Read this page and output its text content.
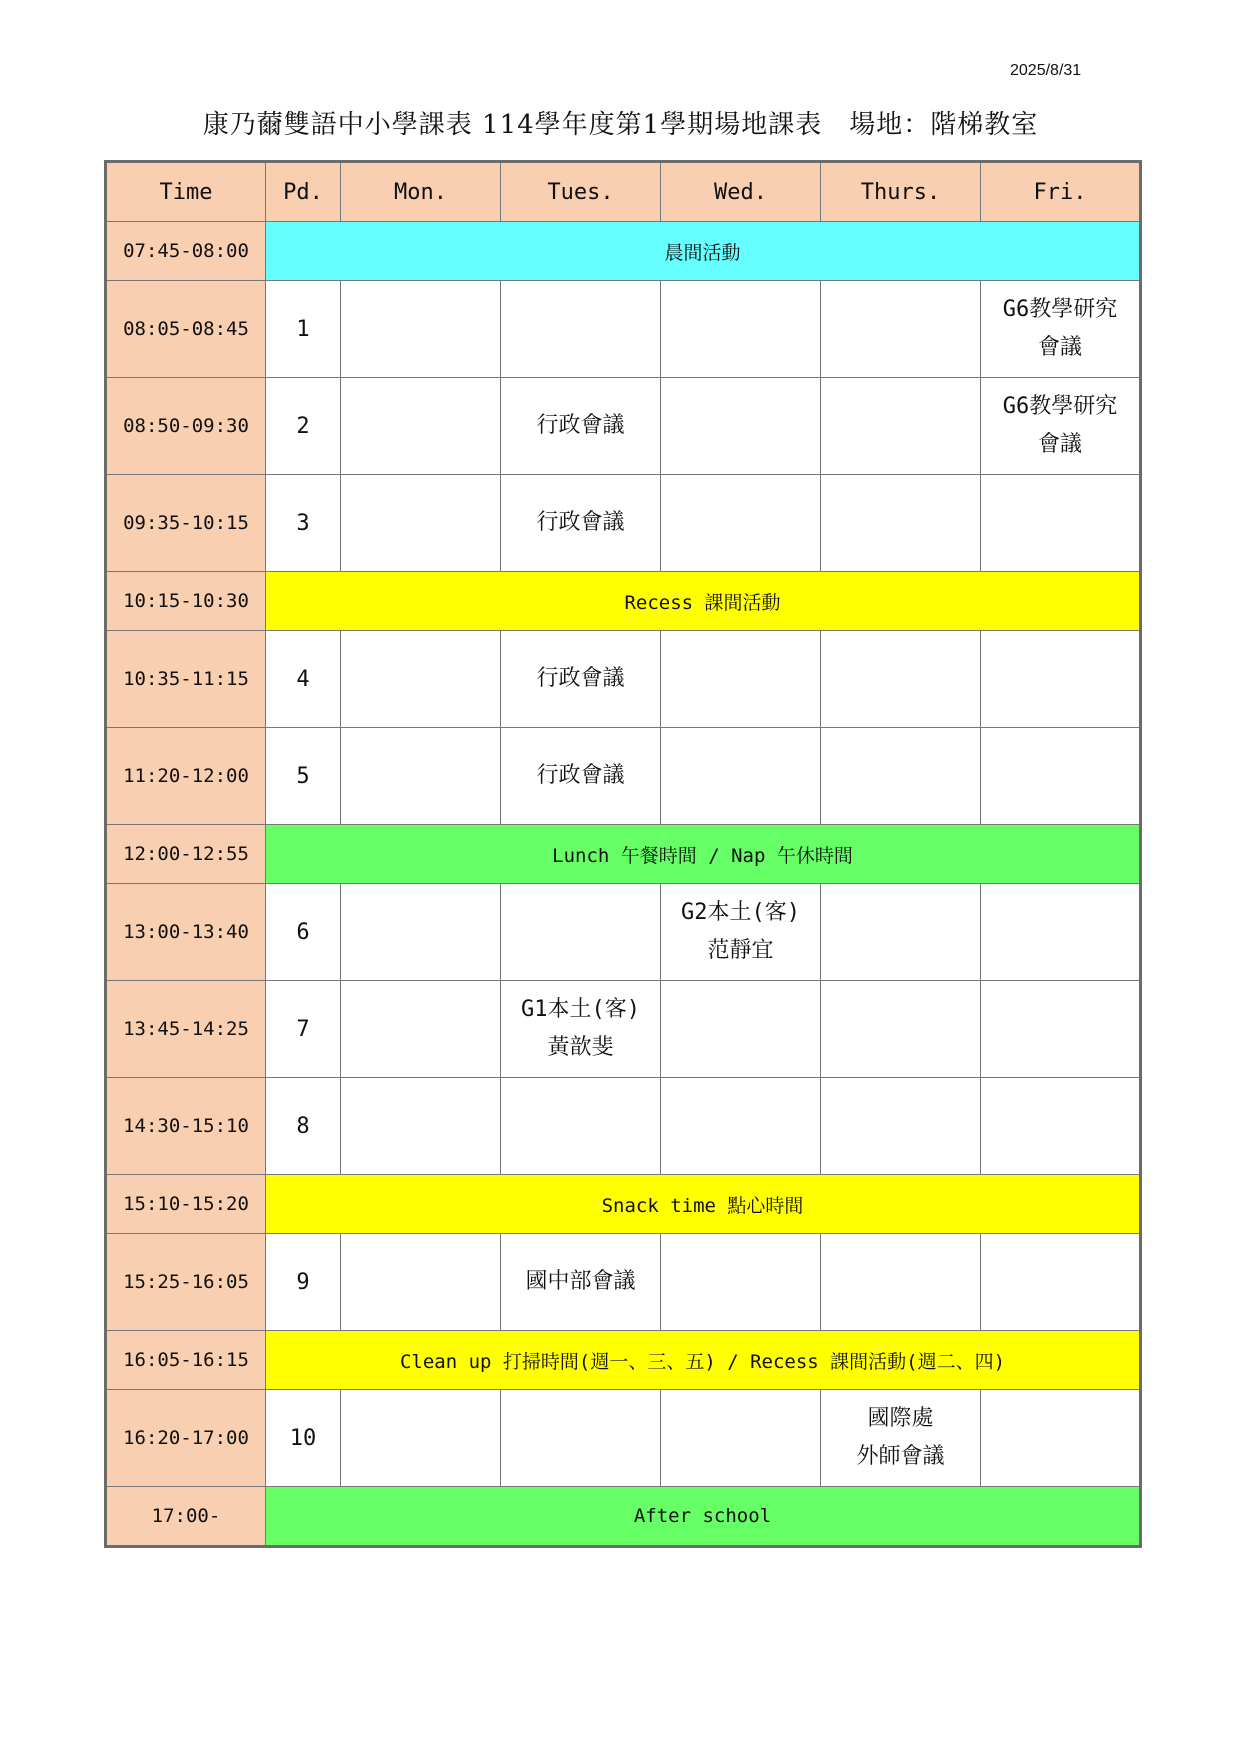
2025/8/31
康乃薾雙語中小學課表 114學年度第1學期場地課表　場地：階梯教室
Time	Pd.	Mon.	Tues.	Wed.	Thurs.	Fri.
07:45-08:00	晨間活動					
08:05-08:45	1					G6教學研究
會議

08:50-09:30	2		行政會議			G6教學研究
會議

09:35-10:15	3		行政會議			
10:15-10:30	Recess 課間活動					
10:35-11:15	4		行政會議			
11:20-12:00	5		行政會議			
12:00-12:55	Lunch 午餐時間 / Nap 午休時間					
13:00-13:40	6			G2本土(客)
范靜宜		

13:45-14:25	7		G1本土(客)
黃歆斐			

14:30-15:10	8					
15:10-15:20	Snack time 點心時間					
15:25-16:05	9		國中部會議			
16:05-16:15	Clean up 打掃時間(週一、三、五) / Recess 課間活動(週二、四)					
16:20-17:00	10				國際處
外師會議	

17:00-	After school					
